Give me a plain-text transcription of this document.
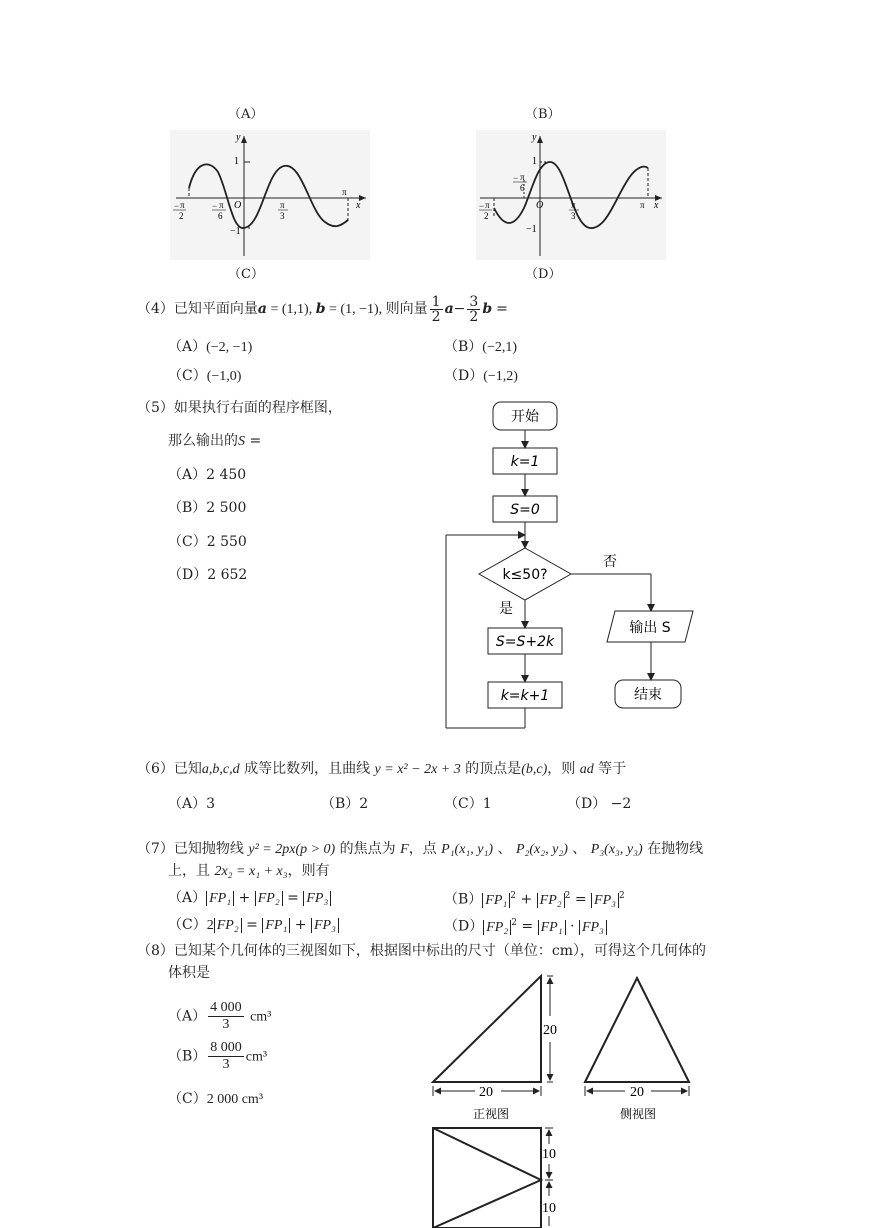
（A）	（B）
y
x
1
−1
O
π
−
2
π
−
6
π
3
π
y
x
1
−1
O
π
−
6
π
−
2
π
3
π
（C）	（D）
（4）已知平面向量a = (1,1), b = (1, −1), 则向量 $\frac{1}{2} a- \frac{3}{2}$ b =
（A）(−2, −1)	（B）(−2,1)
（C）(−1,0)	（D）(−1,2)
（5）如果执行右面的程序框图，
那么输出的S =
（A）2 450
（B）2 500
（C）2 550
（D）2 652
开始
k=1
S=0
k≤50?
否
输出 S
结束
是
S=S+2k
k=k+1
（6）已知a,b,c,d 成等比数列，且曲线 y = x² − 2x + 3 的顶点是(b,c)，则 ad 等于
（A）3	（B）2	（C）1	（D） −2
（7）已知抛物线 y² = 2px(p > 0) 的焦点为 F，点 P₁(x₁, y₁) 、 P₂(x₂, y₂) 、 P₃(x₃, y₃) 在抛物线
上，且 2x₂ = x₁ + x₃，则有
（A） FP₁ + FP₂ = FP₃	（B） FP₁ $^2$ + FP₂ $^2$ = FP₃ $^2$
（C）2 FP₂ = FP₁ + FP₃	（D） FP₂ $^2$ = FP₁ · FP₃
（8）已知某个几何体的三视图如下，根据图中标出的尺寸（单位：cm），可得这个几何体的
体积是
$(A) \frac{4 000}{3} cm^3$
$(B) \frac{8 000}{3} cm^3$
（C）2 000 cm³
20
20
正视图
20
侧视图
10
10
